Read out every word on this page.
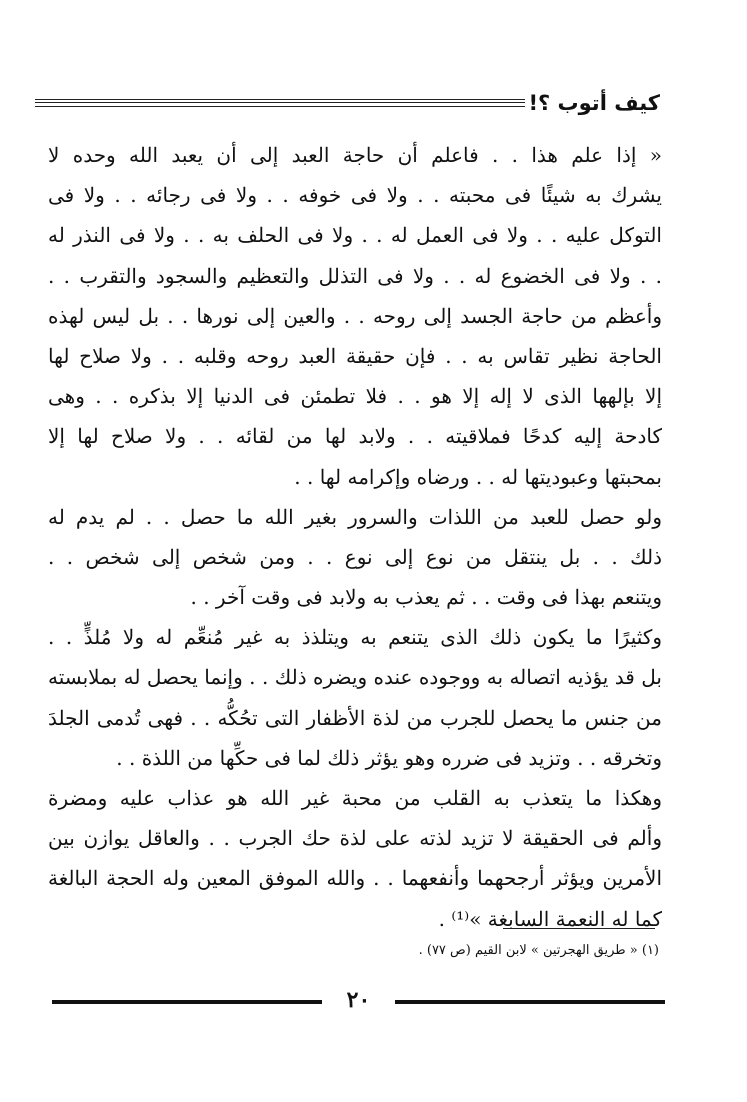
كيف أتوب ؟!
« إذا علم هذا . . فاعلم أن حاجة العبد إلى أن يعبد الله وحده لا
يشرك به شيئًا فى محبته . . ولا فى خوفه . . ولا فى رجائه . . ولا فى
التوكل عليه . . ولا فى العمل له . . ولا فى الحلف به . . ولا فى النذر له
. . ولا فى الخضوع له . . ولا فى التذلل والتعظيم والسجود والتقرب . .
وأعظم من حاجة الجسد إلى روحه . . والعين إلى نورها . . بل ليس لهذه
الحاجة نظير تقاس به . . فإن حقيقة العبد روحه وقلبه . . ولا صلاح لها
إلا بإلهها الذى لا إله إلا هو . . فلا تطمئن فى الدنيا إلا بذكره . . وهى
كادحة إليه كدحًا فملاقيته . . ولابد لها من لقائه . . ولا صلاح لها إلا
بمحبتها وعبوديتها له . . ورضاه وإكرامه لها . .
ولو حصل للعبد من اللذات والسرور بغير الله ما حصل . . لم يدم له
ذلك . . بل ينتقل من نوع إلى نوع . . ومن شخص إلى شخص . .
ويتنعم بهذا فى وقت . . ثم يعذب به ولابد فى وقت آخر . .
وكثيرًا ما يكون ذلك الذى يتنعم به ويتلذذ به غير مُنعِّم له ولا مُلذٍّ . .
بل قد يؤذيه اتصاله به ووجوده عنده ويضره ذلك . . وإنما يحصل له بملابسته
من جنس ما يحصل للجرب من لذة الأظفار التى تحُكُّه . . فهى تُدمى الجلدَ
وتخرقه . . وتزيد فى ضرره وهو يؤثر ذلك لما فى حكِّها من اللذة . .
وهكذا ما يتعذب به القلب من محبة غير الله هو عذاب عليه ومضرة
وألم فى الحقيقة لا تزيد لذته على لذة حك الجرب . . والعاقل يوازن بين
الأمرين ويؤثر أرجحهما وأنفعهما . . والله الموفق المعين وله الحجة البالغة
كما له النعمة السابغة »⁽¹⁾ .
(١) « طريق الهجرتين » لابن القيم (ص ٧٧) .
٢٠
